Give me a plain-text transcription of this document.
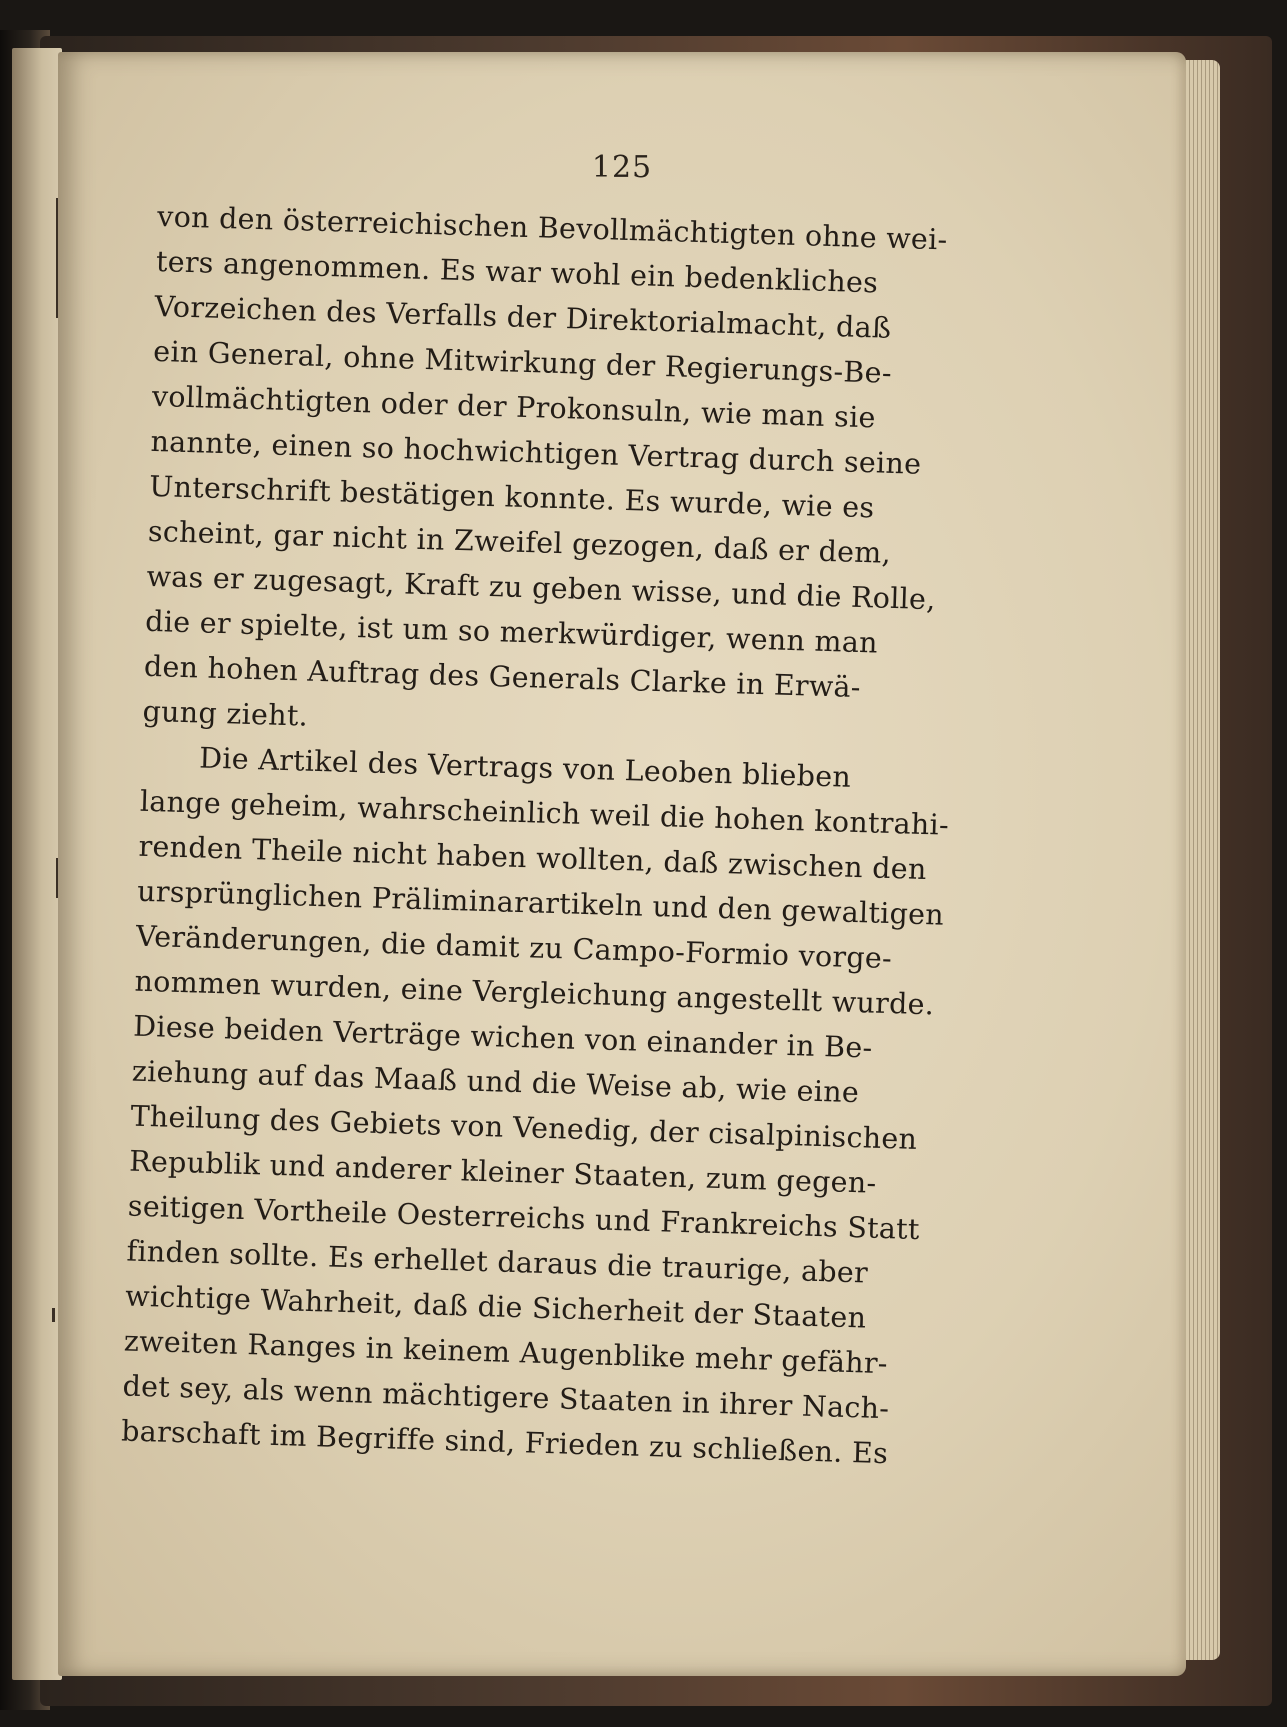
125
von den österreichischen Bevollmächtigten ohne wei-
ters angenommen. Es war wohl ein bedenkliches
Vorzeichen des Verfalls der Direktorialmacht, daß
ein General, ohne Mitwirkung der Regierungs-Be-
vollmächtigten oder der Prokonsuln, wie man sie
nannte, einen so hochwichtigen Vertrag durch seine
Unterschrift bestätigen konnte. Es wurde, wie es
scheint, gar nicht in Zweifel gezogen, daß er dem,
was er zugesagt, Kraft zu geben wisse, und die Rolle,
die er spielte, ist um so merkwürdiger, wenn man
den hohen Auftrag des Generals Clarke in Erwä-
gung zieht.
Die Artikel des Vertrags von Leoben blieben
lange geheim, wahrscheinlich weil die hohen kontrahi-
renden Theile nicht haben wollten, daß zwischen den
ursprünglichen Präliminarartikeln und den gewaltigen
Veränderungen, die damit zu Campo-Formio vorge-
nommen wurden, eine Vergleichung angestellt wurde.
Diese beiden Verträge wichen von einander in Be-
ziehung auf das Maaß und die Weise ab, wie eine
Theilung des Gebiets von Venedig, der cisalpinischen
Republik und anderer kleiner Staaten, zum gegen-
seitigen Vortheile Oesterreichs und Frankreichs Statt
finden sollte. Es erhellet daraus die traurige, aber
wichtige Wahrheit, daß die Sicherheit der Staaten
zweiten Ranges in keinem Augenblike mehr gefähr-
det sey, als wenn mächtigere Staaten in ihrer Nach-
barschaft im Begriffe sind, Frieden zu schließen. Es
